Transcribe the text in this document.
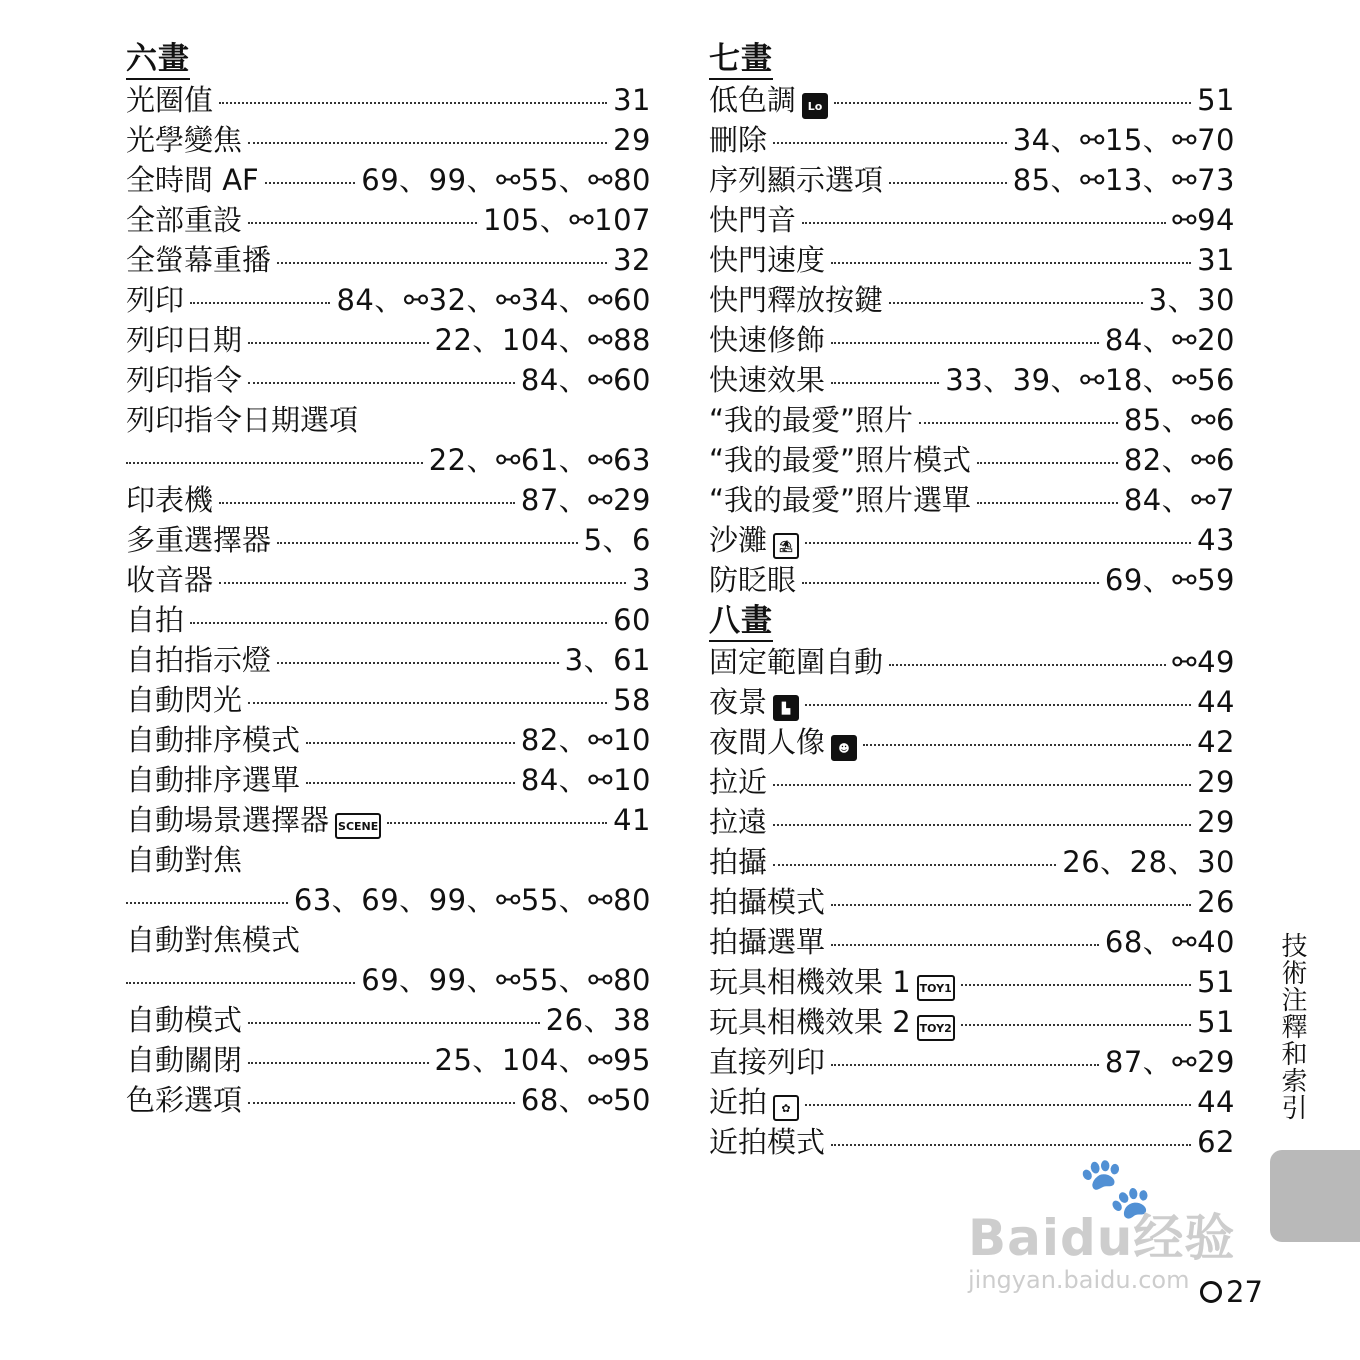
六畫
光圈值	31
光學變焦	29
全時間 AF	69、99、⚯55、⚯80
全部重設	105、⚯107
全螢幕重播	32
列印	84、⚯32、⚯34、⚯60
列印日期	22、104、⚯88
列印指令	84、⚯60
列印指令日期選項
22、⚯61、⚯63
印表機	87、⚯29
多重選擇器	5、6
收音器	3
自拍	60
自拍指示燈	3、61
自動閃光	58
自動排序模式	82、⚯10
自動排序選單	84、⚯10
自動場景選擇器 SCENE	41
自動對焦
63、69、99、⚯55、⚯80
自動對焦模式
69、99、⚯55、⚯80
自動模式	26、38
自動關閉	25、104、⚯95
色彩選項	68、⚯50
七畫
低色調	Lo	51
刪除	34、⚯15、⚯70
序列顯示選項	85、⚯13、⚯73
快門音	⚯94
快門速度	31
快門釋放按鍵	3、30
快速修飾	84、⚯20
快速效果	33、39、⚯18、⚯56
“我的最愛”照片	85、⚯6
“我的最愛”照片模式	82、⚯6
“我的最愛”照片選單	84、⚯7
沙灘	⛱	43
防眨眼	69、⚯59
八畫
固定範圍自動	⚯49
夜景	▙	44
夜間人像	☻	42
拉近	29
拉遠	29
拍攝	26、28、30
拍攝模式	26
拍攝選單	68、⚯40
玩具相機效果 1 TOY1	51
玩具相機效果 2 TOY2	51
直接列印	87、⚯29
近拍	✿	44
近拍模式	62
技術注釋和索引
27
🐾
Baidu经验
jingyan.baidu.com
